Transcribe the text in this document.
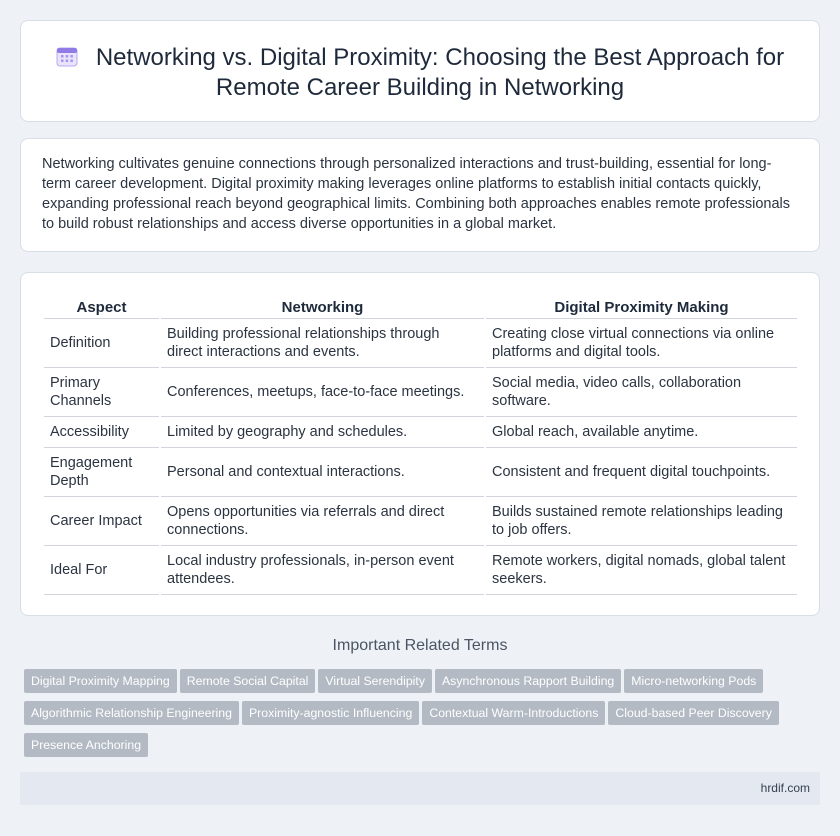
Networking vs. Digital Proximity: Choosing the Best Approach for
Remote Career Building in Networking

Networking cultivates genuine connections through personalized interactions and trust-building, essential for long-term career development. Digital proximity making leverages online platforms to establish initial contacts quickly, expanding professional reach beyond geographical limits. Combining both approaches enables remote professionals to build robust relationships and access diverse opportunities in a global market.

Aspect	Networking	Digital Proximity Making
Definition	Building professional relationships through direct interactions and events.	Creating close virtual connections via online platforms and digital tools.
Primary Channels	Conferences, meetups, face-to-face meetings.	Social media, video calls, collaboration software.
Accessibility	Limited by geography and schedules.	Global reach, available anytime.
Engagement Depth	Personal and contextual interactions.	Consistent and frequent digital touchpoints.
Career Impact	Opens opportunities via referrals and direct connections.	Builds sustained remote relationships leading to job offers.
Ideal For	Local industry professionals, in-person event attendees.	Remote workers, digital nomads, global talent seekers.
Important Related Terms
Digital Proximity Mapping Remote Social Capital Virtual Serendipity Asynchronous Rapport Building Micro-networking Pods
Algorithmic Relationship Engineering Proximity-agnostic Influencing Contextual Warm-Introductions Cloud-based Peer Discovery
Presence Anchoring
hrdif.com
